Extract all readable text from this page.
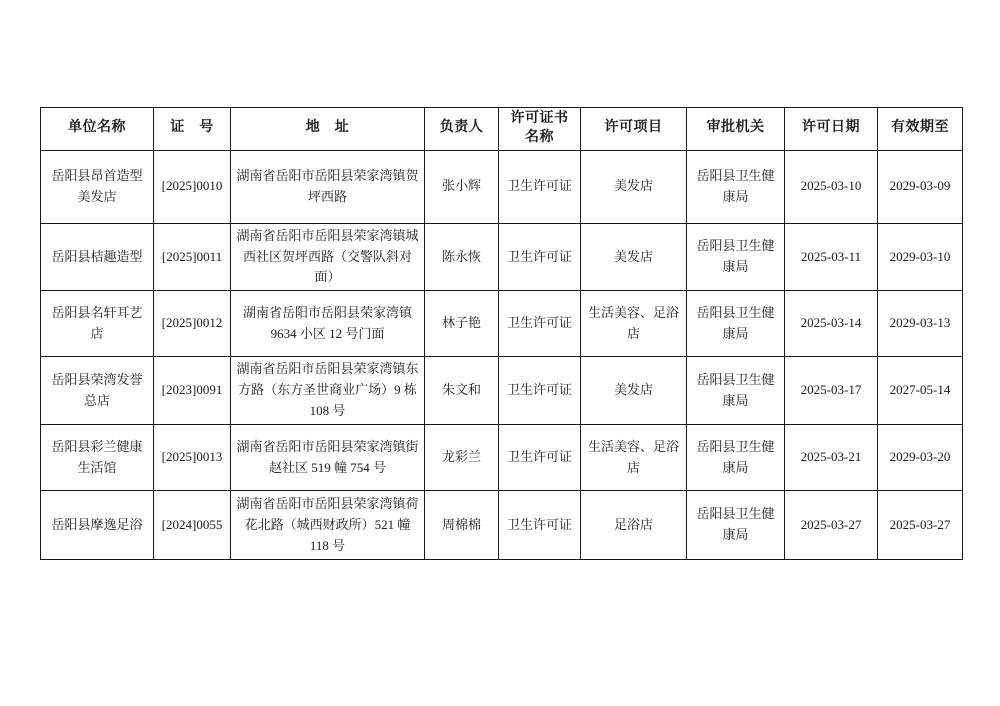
单位名称	证　号	地　址	负责人	许可证书名称	许可项目	审批机关	许可日期	有效期至
岳阳县昂首造型美发店	[2025]0010	湖南省岳阳市岳阳县荣家湾镇贺坪西路	张小辉	卫生许可证	美发店	岳阳县卫生健康局	2025-03-10	2029-03-09
岳阳县桔趣造型	[2025]0011	湖南省岳阳市岳阳县荣家湾镇城西社区贺坪西路（交警队斜对面）	陈永恢	卫生许可证	美发店	岳阳县卫生健康局	2025-03-11	2029-03-10
岳阳县名轩耳艺店	[2025]0012	湖南省岳阳市岳阳县荣家湾镇 9634 小区 12 号门面	林子艳	卫生许可证	生活美容、足浴店	岳阳县卫生健康局	2025-03-14	2029-03-13
岳阳县荣湾发誉总店	[2023]0091	湖南省岳阳市岳阳县荣家湾镇东方路（东方圣世商业广场）9 栋 108 号	朱文和	卫生许可证	美发店	岳阳县卫生健康局	2025-03-17	2027-05-14
岳阳县彩兰健康生活馆	[2025]0013	湖南省岳阳市岳阳县荣家湾镇街赵社区 519 幢 754 号	龙彩兰	卫生许可证	生活美容、足浴店	岳阳县卫生健康局	2025-03-21	2029-03-20
岳阳县摩逸足浴	[2024]0055	湖南省岳阳市岳阳县荣家湾镇荷花北路（城西财政所）521 幢 118 号	周棉棉	卫生许可证	足浴店	岳阳县卫生健康局	2025-03-27	2025-03-27
